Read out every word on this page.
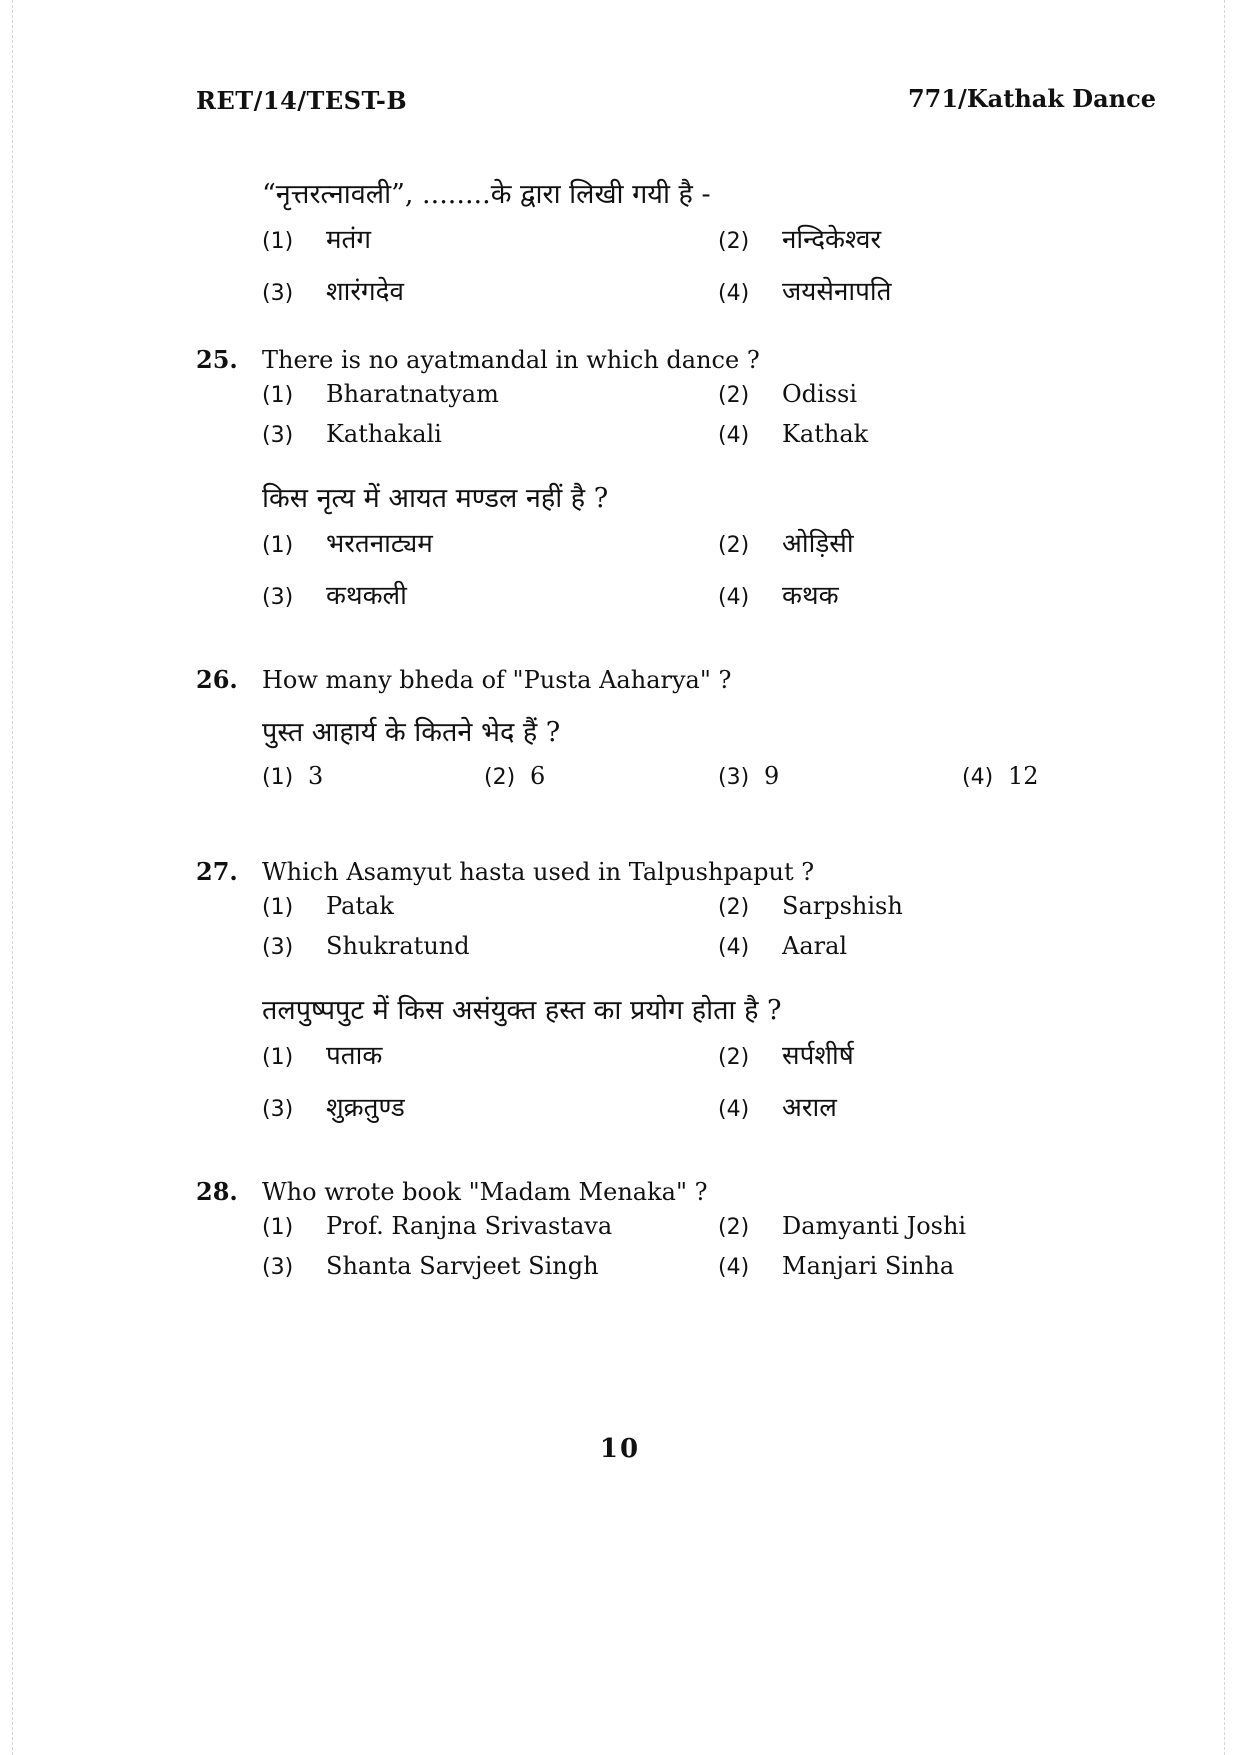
RET/14/TEST-B	771/Kathak Dance
“नृत्तरत्नावली”, ........के द्वारा लिखी गयी है -
(1) मतंग	(2) नन्दिकेश्वर
(3) शारंगदेव	(4) जयसेनापति
25. There is no ayatmandal in which dance ?
(1) Bharatnatyam	(2) Odissi
(3) Kathakali	(4) Kathak
किस नृत्य में आयत मण्डल नहीं है ?
(1) भरतनाट्यम	(2) ओड़िसी
(3) कथकली	(4) कथक
26. How many bheda of "Pusta Aaharya" ?
पुस्त आहार्य के कितने भेद हैं ?
(1) 3	(2) 6	(3) 9	(4) 12
27. Which Asamyut hasta used in Talpushpaput ?
(1) Patak	(2) Sarpshish
(3) Shukratund	(4) Aaral
तलपुष्पपुट में किस असंयुक्त हस्त का प्रयोग होता है ?
(1) पताक	(2) सर्पशीर्ष
(3) शुक्रतुण्ड	(4) अराल
28. Who wrote book "Madam Menaka" ?
(1) Prof. Ranjna Srivastava	(2) Damyanti Joshi
(3) Shanta Sarvjeet Singh	(4) Manjari Sinha
10
